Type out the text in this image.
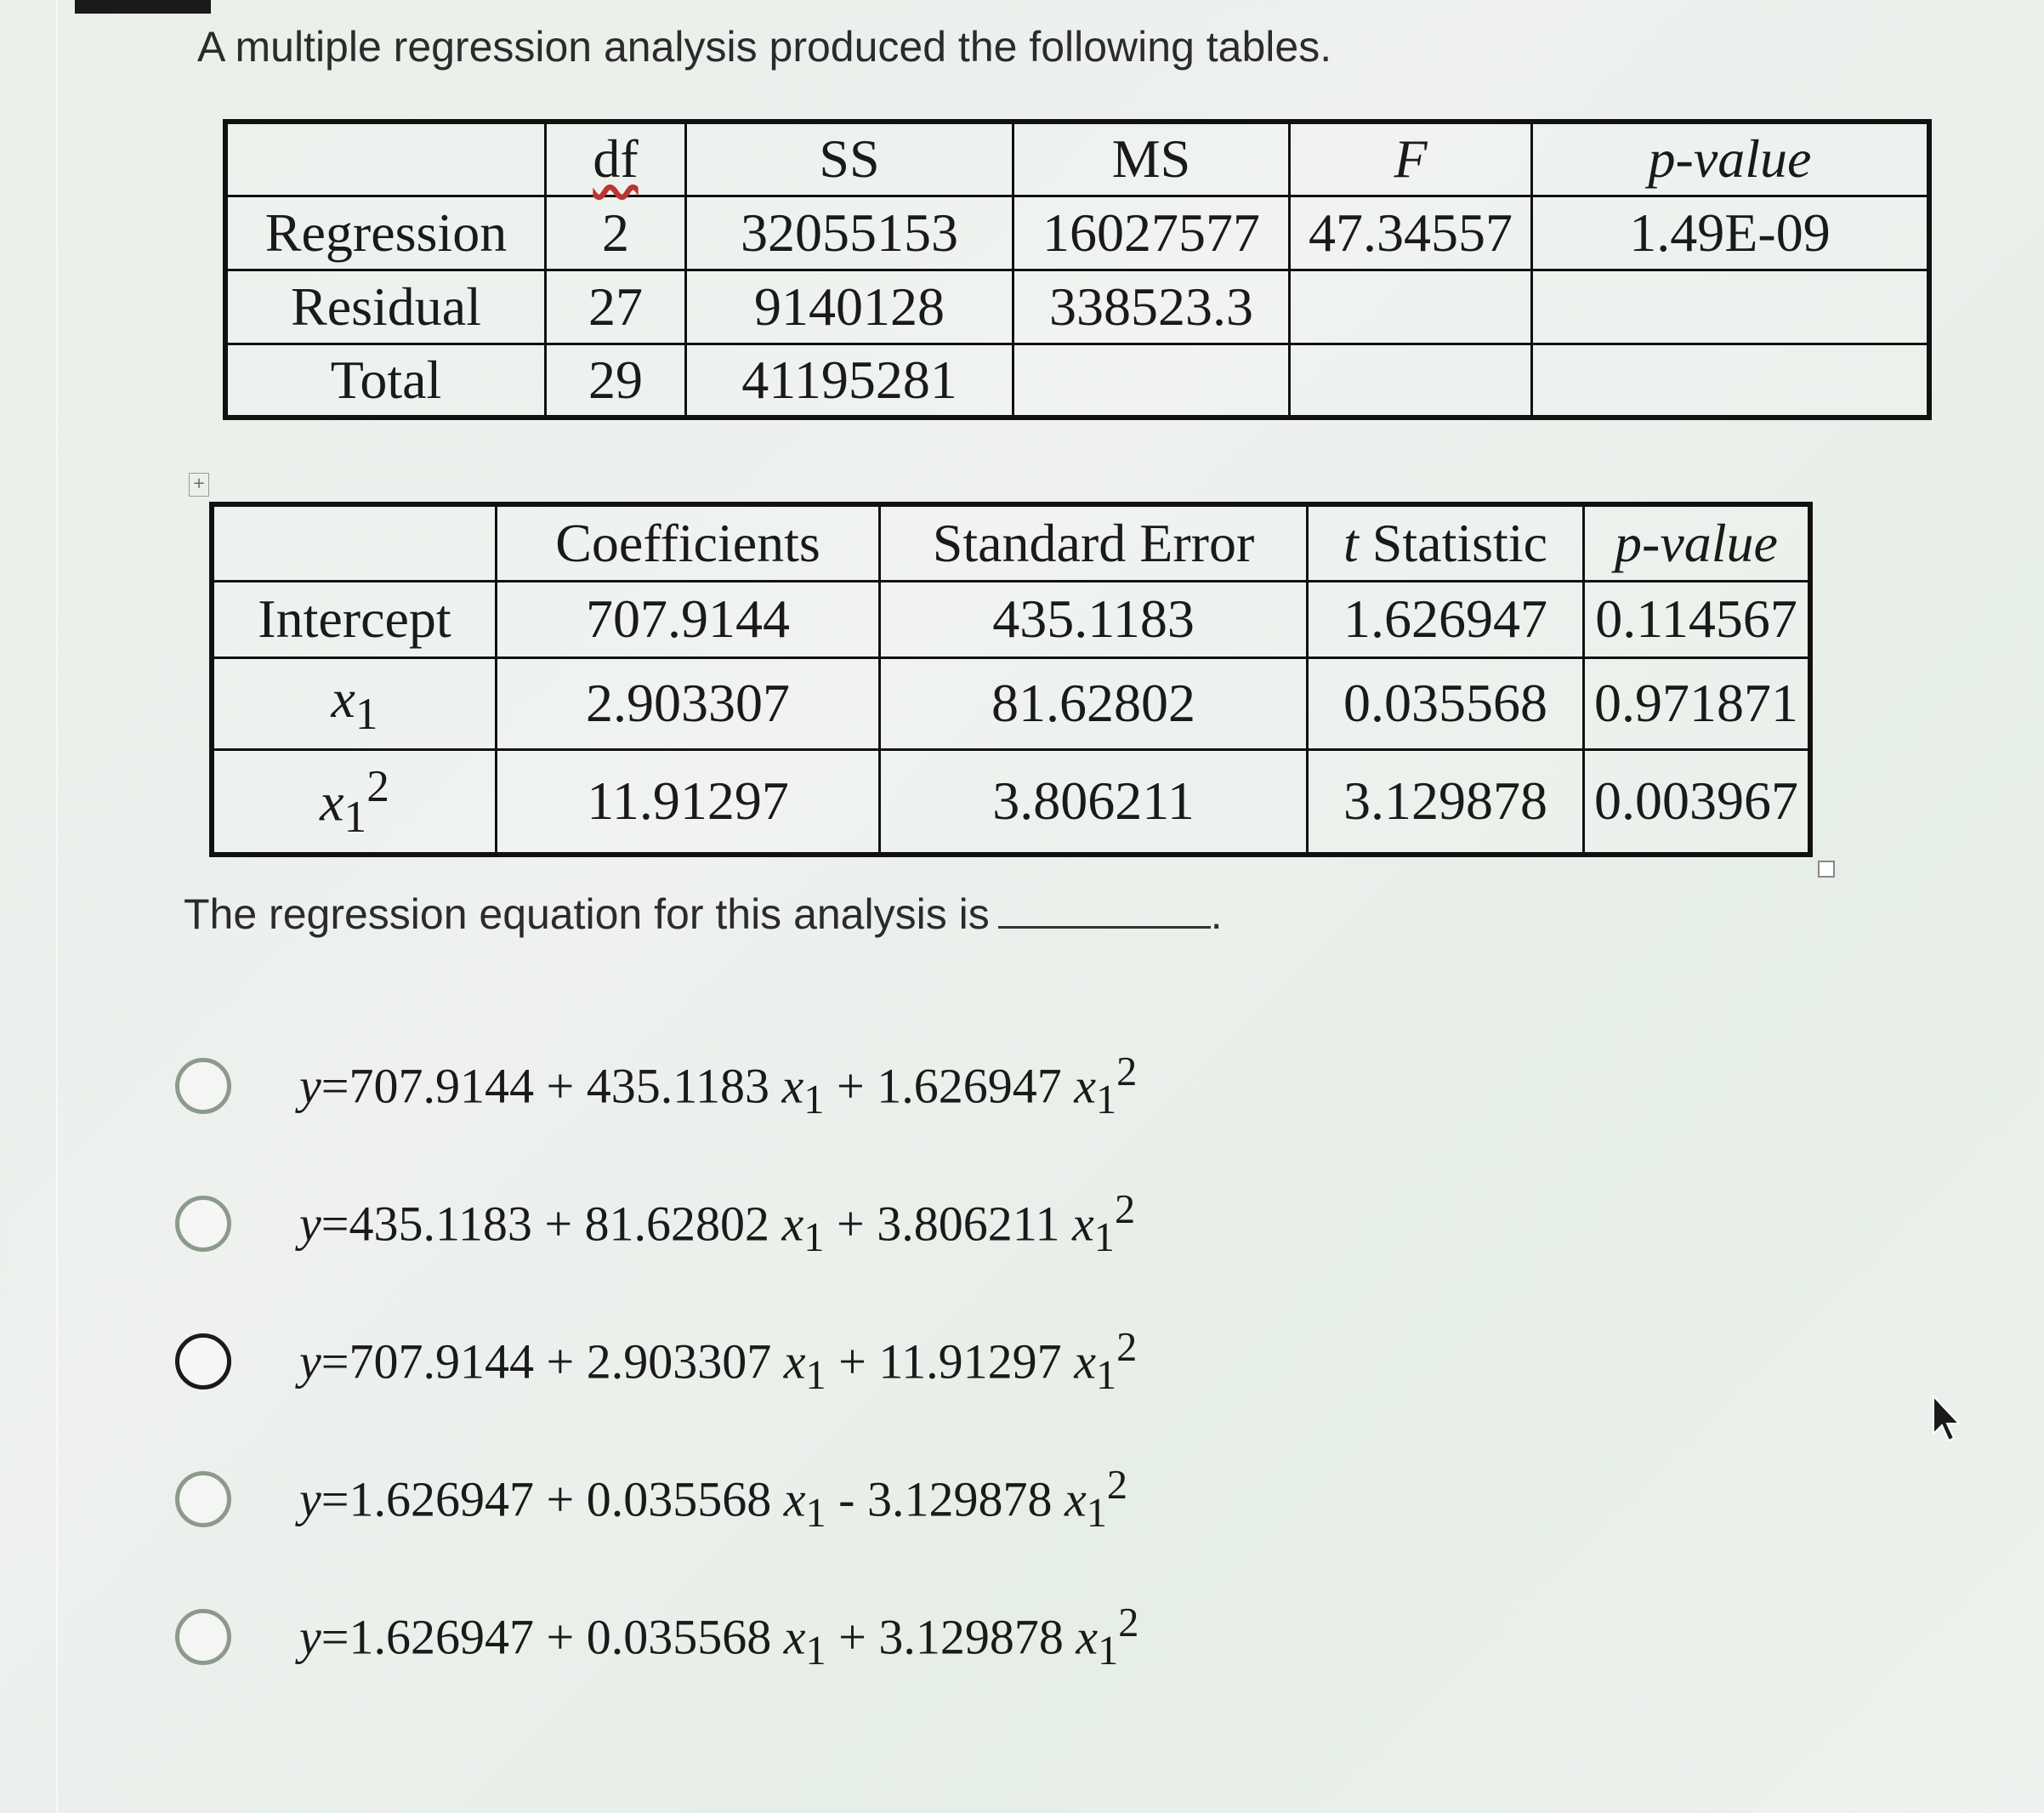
A multiple regression analysis produced the following tables.
	df	SS	MS	F	p-value
Regression	2	32055153	16027577	47.34557	1.49E-09
Residual	27	9140128	338523.3		
Total	29	41195281			
+
	Coefficients	Standard Error	t Statistic	p-value
Intercept	707.9144	435.1183	1.626947	0.114567
$x_1$	2.903307	81.62802	0.035568	0.971871
$x_1^2$	11.91297	3.806211	3.129878	0.003967
The regression equation for this analysis is	.
y=707.9144 + 435.1183 $x_1 + 1.626947$ $x_1^2$
y=435.1183 + 81.62802 $x_1 + 3.806211$ $x_1^2$
y=707.9144 + 2.903307 $x_1 + 11.91297$ $x_1^2$
y=1.626947 + 0.035568 $x_1 - 3.129878$ $x_1^2$
y=1.626947 + 0.035568 $x_1 + 3.129878$ $x_1^2$
